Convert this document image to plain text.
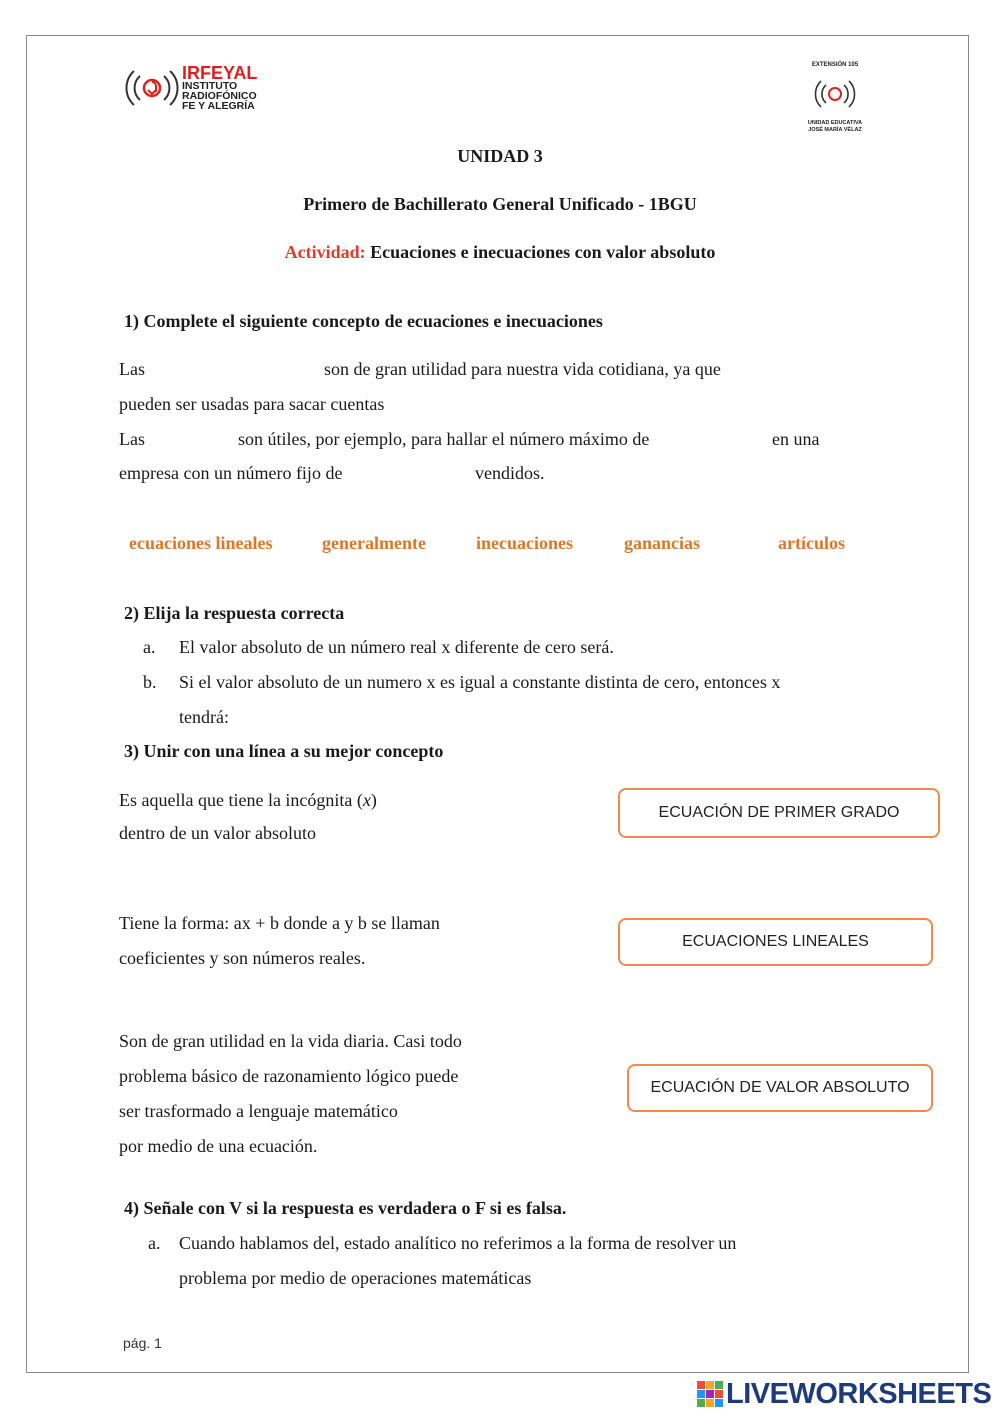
IRFEYAL
INSTITUTO
RADIOFÓNICO
FE Y ALEGRÍA
EXTENSIÓN 105
UNIDAD EDUCATIVA
JOSÉ MARÍA VÉLAZ
UNIDAD 3
Primero de Bachillerato General Unificado - 1BGU
Actividad: Ecuaciones e inecuaciones con valor absoluto
1) Complete el siguiente concepto de ecuaciones e inecuaciones
Las	son de gran utilidad para nuestra vida cotidiana, ya que
pueden ser usadas para sacar cuentas
Las	son útiles, por ejemplo, para hallar el número máximo de	en una
empresa con un número fijo de	vendidos.
ecuaciones lineales	generalmente	inecuaciones	ganancias	artículos
2) Elija la respuesta correcta
a. El valor absoluto de un número real x diferente de cero será.
b. Si el valor absoluto de un numero x es igual a constante distinta de cero, entonces x
tendrá:
3) Unir con una línea a su mejor concepto
Es aquella que tiene la incógnita (x)
dentro de un valor absoluto
Tiene la forma: ax + b donde a y b se llaman
coeficientes y son números reales.
Son de gran utilidad en la vida diaria. Casi todo
problema básico de razonamiento lógico puede
ser trasformado a lenguaje matemático
por medio de una ecuación.
ECUACIÓN DE PRIMER GRADO
ECUACIONES LINEALES
ECUACIÓN DE VALOR ABSOLUTO
4) Señale con V si la respuesta es verdadera o F si es falsa.
a. Cuando hablamos del, estado analítico no referimos a la forma de resolver un
problema por medio de operaciones matemáticas
pág. 1
LIVEWORKSHEETS
